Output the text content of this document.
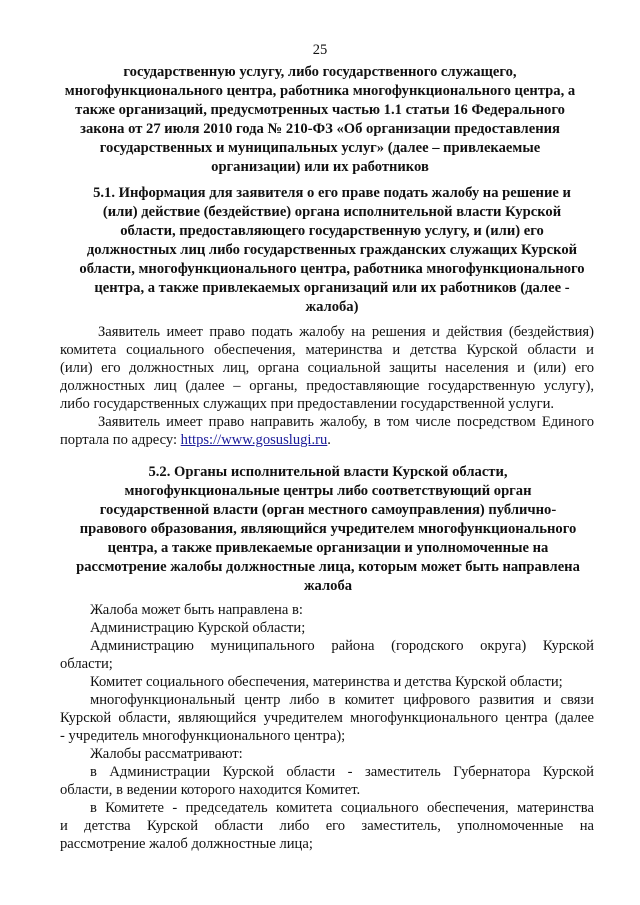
25
государственную услугу, либо государственного служащего,
многофункционального центра, работника многофункционального центра, а
также организаций, предусмотренных частью 1.1 статьи 16 Федерального
закона от 27 июля 2010 года № 210-ФЗ «Об организации предоставления
государственных и муниципальных услуг» (далее – привлекаемые
организации) или их работников
5.1. Информация для заявителя о его праве подать жалобу на решение и
(или) действие (бездействие) органа исполнительной власти Курской
области, предоставляющего государственную услугу, и (или) его
должностных лиц либо государственных гражданских служащих Курской
области, многофункционального центра, работника многофункционального
центра, а также привлекаемых организаций или их работников (далее -
жалоба)
Заявитель имеет право подать жалобу на решения и действия (бездействия)
комитета социального обеспечения, материнства и детства Курской области и
(или) его должностных лиц, органа социальной защиты населения и (или) его
должностных лиц (далее – органы, предоставляющие государственную услугу),
либо государственных служащих при предоставлении государственной услуги.
Заявитель имеет право направить жалобу, в том числе посредством Единого
портала по адресу: https://www.gosuslugi.ru.
5.2. Органы исполнительной власти Курской области,
многофункциональные центры либо соответствующий орган
государственной власти (орган местного самоуправления) публично-
правового образования, являющийся учредителем многофункционального
центра, а также привлекаемые организации и уполномоченные на
рассмотрение жалобы должностные лица, которым может быть направлена
жалоба
Жалоба может быть направлена в:
Администрацию Курской области;
Администрацию муниципального района (городского округа) Курской
области;
Комитет социального обеспечения, материнства и детства Курской области;
многофункциональный центр либо в комитет цифрового развития и связи
Курской области, являющийся учредителем многофункционального центра (далее
- учредитель многофункционального центра);
Жалобы рассматривают:
в Администрации Курской области - заместитель Губернатора Курской
области, в ведении которого находится Комитет.
в Комитете - председатель комитета социального обеспечения, материнства
и детства Курской области либо его заместитель, уполномоченные на
рассмотрение жалоб должностные лица;
